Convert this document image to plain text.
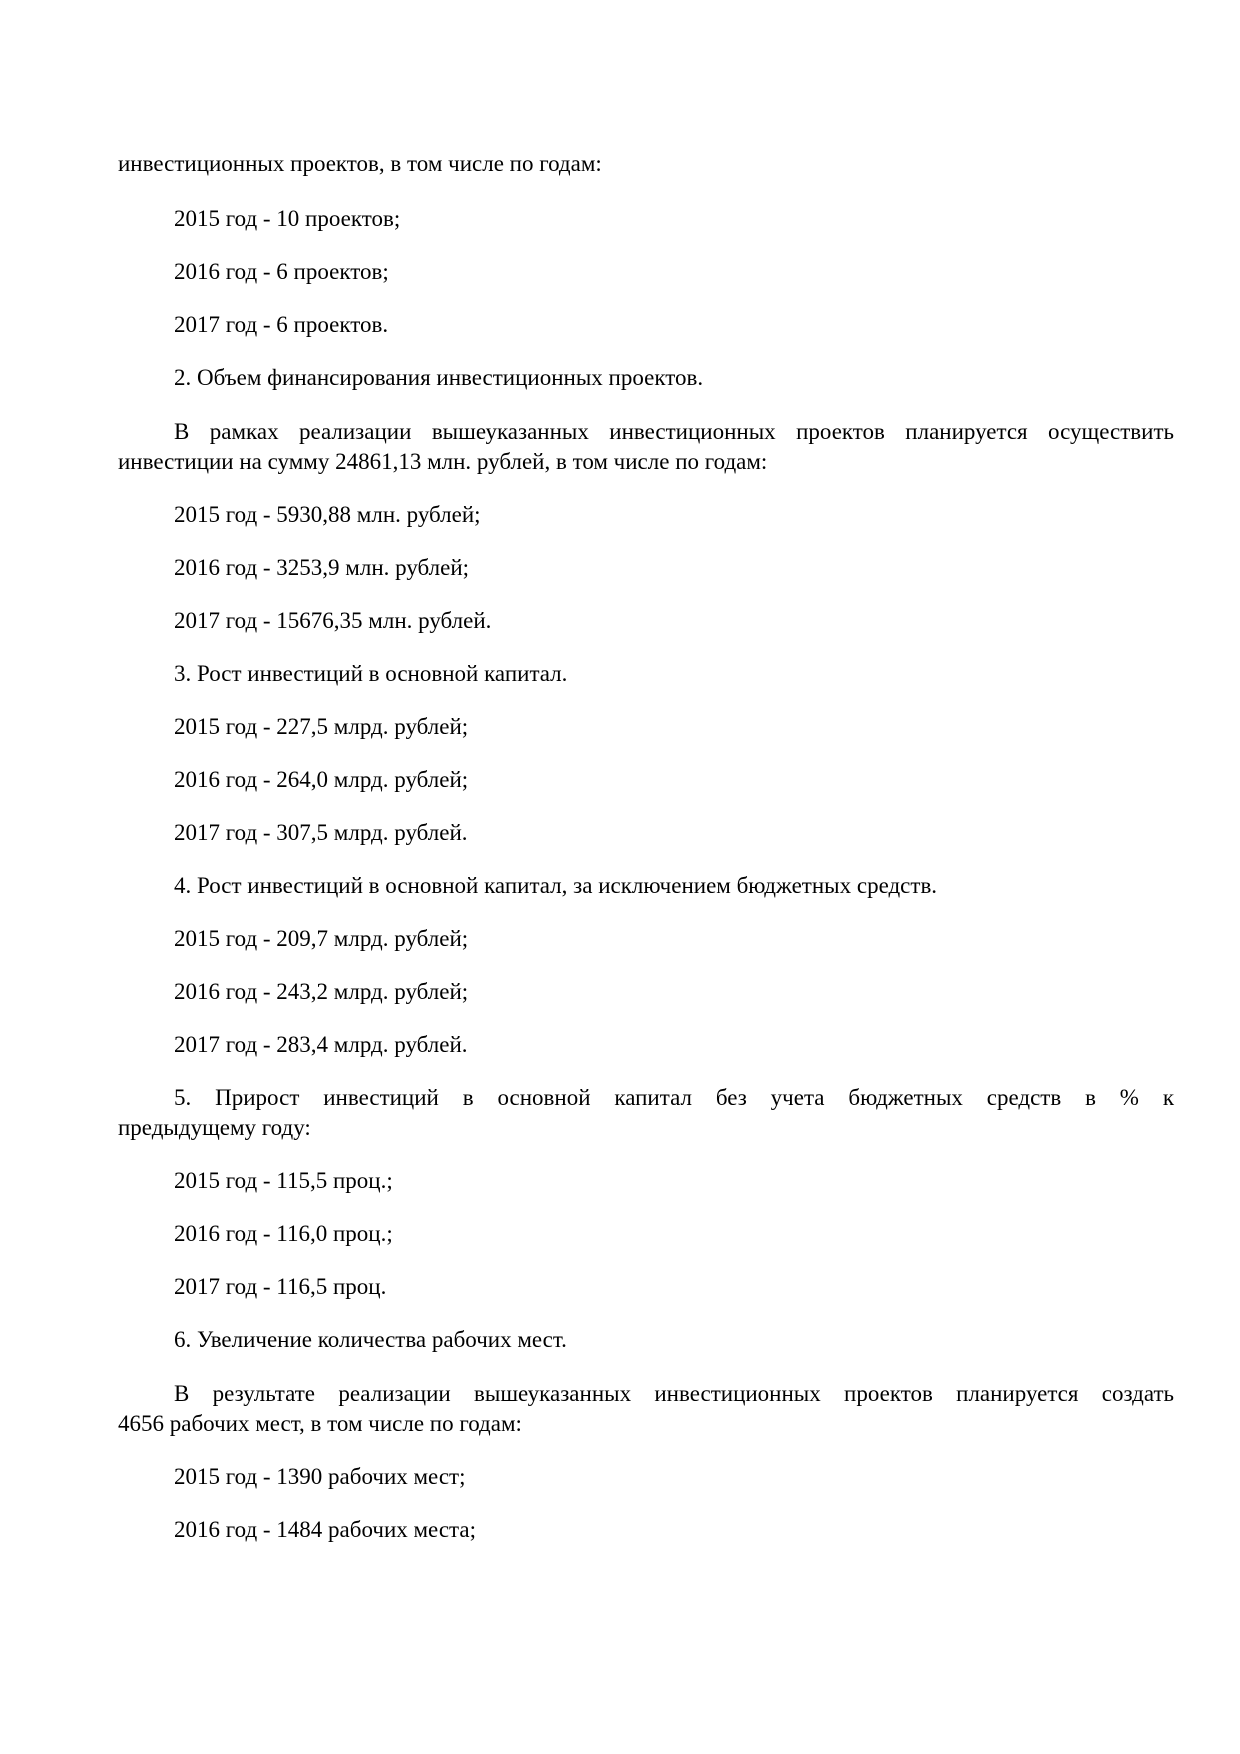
инвестиционных проектов, в том числе по годам:

2015 год - 10 проектов;

2016 год - 6 проектов;

2017 год - 6 проектов.

2. Объем финансирования инвестиционных проектов.

В рамках реализации вышеуказанных инвестиционных проектов планируется осуществить

инвестиции на сумму 24861,13 млн. рублей, в том числе по годам:

2015 год - 5930,88 млн. рублей;

2016 год - 3253,9 млн. рублей;

2017 год - 15676,35 млн. рублей.

3. Рост инвестиций в основной капитал.

2015 год - 227,5 млрд. рублей;

2016 год - 264,0 млрд. рублей;

2017 год - 307,5 млрд. рублей.

4. Рост инвестиций в основной капитал, за исключением бюджетных средств.

2015 год - 209,7 млрд. рублей;

2016 год - 243,2 млрд. рублей;

2017 год - 283,4 млрд. рублей.

5. Прирост инвестиций в основной капитал без учета бюджетных средств в % к

предыдущему году:

2015 год - 115,5 проц.;

2016 год - 116,0 проц.;

2017 год - 116,5 проц.

6. Увеличение количества рабочих мест.

В результате реализации вышеуказанных инвестиционных проектов планируется создать

4656 рабочих мест, в том числе по годам:

2015 год - 1390 рабочих мест;

2016 год - 1484 рабочих места;
